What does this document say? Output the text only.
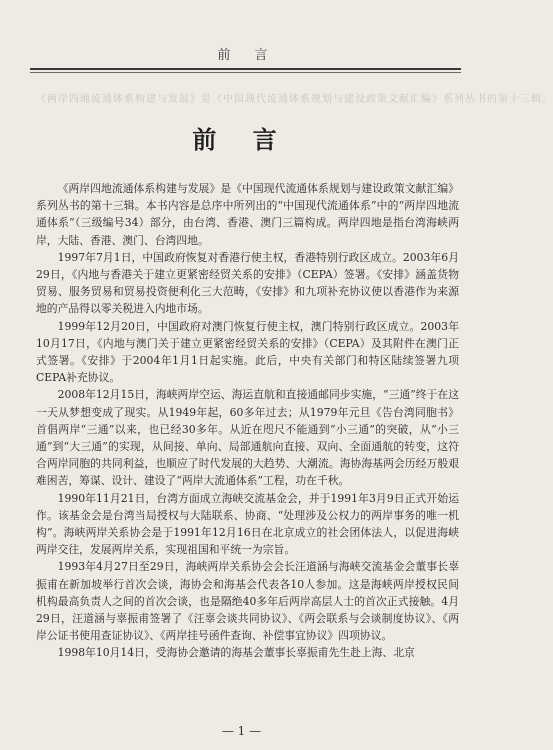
前 言
《两岸四地流通体系构建与发展》是《中国现代流通体系规划与建设政策文献汇编》系列丛书的第十三辑。
前 言

《两岸四地流通体系构建与发展》是《中国现代流通体系规划与建设政策文献汇编》系列丛书的第十三辑。本书内容是总序中所列出的“中国现代流通体系”中的“两岸四地流通体系”（三级编号34）部分，由台湾、香港、澳门三篇构成。两岸四地是指台湾海峡两岸，大陆、香港、澳门、台湾四地。

1997年7月1日，中国政府恢复对香港行使主权，香港特别行政区成立。2003年6月29日，《内地与香港关于建立更紧密经贸关系的安排》（CEPA）签署。《安排》涵盖货物贸易、服务贸易和贸易投资便利化三大范畴，《安排》和九项补充协议使以香港作为来源地的产品得以零关税进入内地市场。

1999年12月20日，中国政府对澳门恢复行使主权，澳门特别行政区成立。2003年10月17日，《内地与澳门关于建立更紧密经贸关系的安排》（CEPA）及其附件在澳门正式签署。《安排》于2004年1月1日起实施。此后，中央有关部门和特区陆续签署九项CEPA补充协议。

2008年12月15日，海峡两岸空运、海运直航和直接通邮同步实施，“三通”终于在这一天从梦想变成了现实。从1949年起，60多年过去；从1979年元旦《告台湾同胞书》首倡两岸“三通”以来，也已经30多年。从近在咫尺不能通到“小三通”的突破，从“小三通”到“大三通”的实现，从间接、单向、局部通航向直接、双向、全面通航的转变，这符合两岸同胞的共同利益，也顺应了时代发展的大趋势、大潮流。海协海基两会历经万般艰难困苦，筹谋、设计、建设了“两岸大流通体系”工程，功在千秋。

1990年11月21日，台湾方面成立海峡交流基金会，并于1991年3月9日正式开始运作。该基金会是台湾当局授权与大陆联系、协商、“处理涉及公权力的两岸事务的唯一机构”。海峡两岸关系协会是于1991年12月16日在北京成立的社会团体法人，以促进海峡两岸交往，发展两岸关系，实现祖国和平统一为宗旨。

1993年4月27日至29日，海峡两岸关系协会会长汪道涵与海峡交流基金会董事长辜振甫在新加坡举行首次会谈，海协会和海基会代表各10人参加。这是海峡两岸授权民间机构最高负责人之间的首次会谈，也是隔绝40多年后两岸高层人士的首次正式接触。4月29日，汪道涵与辜振甫签署了《汪辜会谈共同协议》、《两会联系与会谈制度协议》、《两岸公证书使用查证协议》、《两岸挂号函件查询、补偿事宜协议》四项协议。

1998年10月14日，受海协会邀请的海基会董事长辜振甫先生赴上海、北京

— 1 —
